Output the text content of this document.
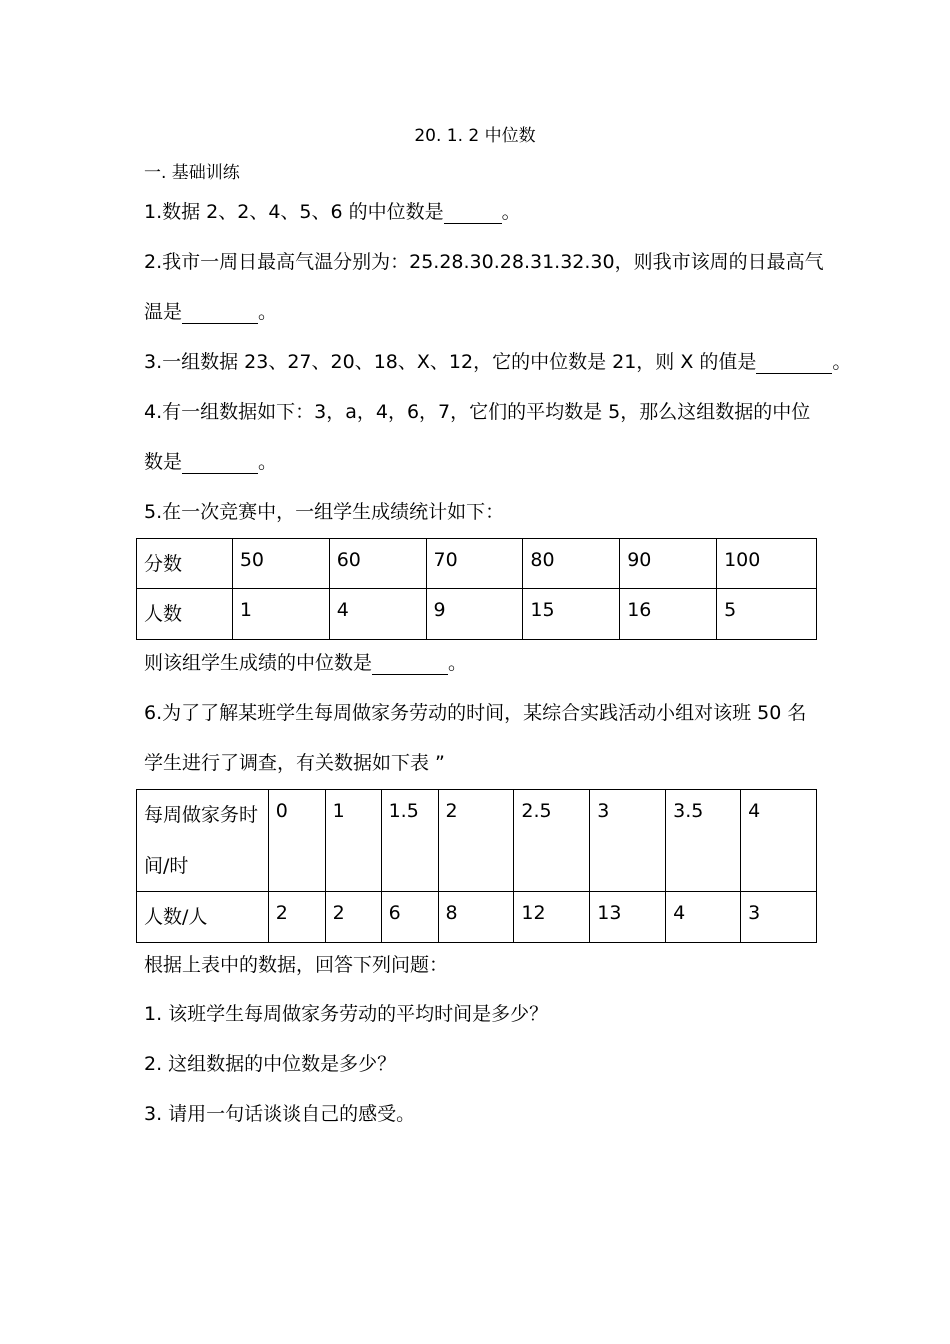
20. 1. 2 中位数
一. 基础训练
1.数据 2、2、4、5、6 的中位数是	。
2.我市一周日最高气温分别为：25.28.30.28.31.32.30，则我市该周的日最高气
温是	。
3.一组数据 23、27、20、18、X、12，它的中位数是 21，则 X 的值是	。
4.有一组数据如下：3，a，4，6，7，它们的平均数是 5，那么这组数据的中位
数是	。
5.在一次竞赛中，一组学生成绩统计如下：
分数	50	60	70	80	90	100
人数	1	4	9	15	16	5
则该组学生成绩的中位数是	。
6.为了了解某班学生每周做家务劳动的时间，某综合实践活动小组对该班 50 名
学生进行了调查，有关数据如下表 ”
每周做家务时
间/时	0	1	1.5	2	2.5	3	3.5	4
人数/人	2	2	6	8	12	13	4	3
根据上表中的数据，回答下列问题：
1. 该班学生每周做家务劳动的平均时间是多少？
2. 这组数据的中位数是多少？
3. 请用一句话谈谈自己的感受。
